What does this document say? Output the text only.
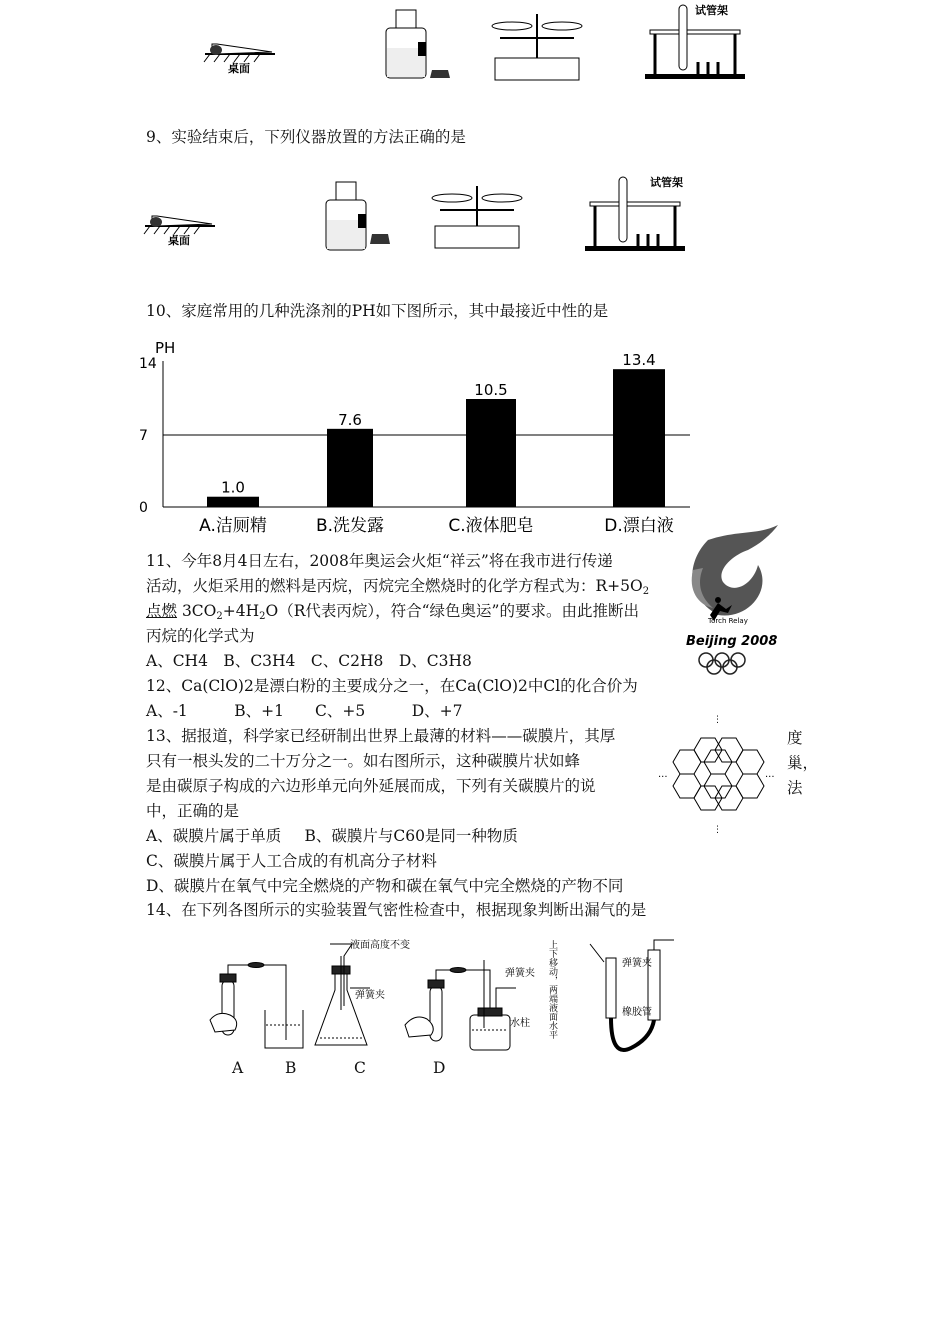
桌面
试管架
9、实验结束后，下列仪器放置的方法正确的是
桌面
试管架
10、家庭常用的几种洗涤剂的PH如下图所示，其中最接近中性的是
PH
0
7
14
1.0
A.洁厕精
7.6
B.洗发露
10.5
C.液体肥皂
13.4
D.漂白液
11、今年8月4日左右，2008年奥运会火炬“祥云”将在我市进行传递
活动，火炬采用的燃料是丙烷，丙烷完全燃烧时的化学方程式为：$R+5O_2$
点燃 $3CO_2+4H_2O(R$代表丙烷），符合“绿色奥运”的要求。由此推断出
丙烷的化学式为
A、CH4　B、C3H4　C、C2H8　D、C3H8
Torch Relay
Beijing 2008
12、Ca(ClO)2是漂白粉的主要成分之一，在Ca(ClO)2中Cl的化合价为
A、-1　　　B、+1　　C、+5　　　D、+7
13、据报道，科学家已经研制出世界上最薄的材料——碳膜片，其厚	度
只有一根头发的二十万分之一。如右图所示，这种碳膜片状如蜂	巢，
是由碳原子构成的六边形单元向外延展而成，下列有关碳膜片的说	法
中，正确的是
A、碳膜片属于单质   B、碳膜片与C60是同一种物质
C、碳膜片属于人工合成的有机高分子材料
D、碳膜片在氧气中完全燃烧的产物和碳在氧气中完全燃烧的产物不同
⋮
⋮
···	···
14、在下列各图所示的实验装置气密性检查中，根据现象判断出漏气的是
液面高度不变
弹簧夹
弹簧夹
水柱 上下移动，两端液面水平	弹簧夹
橡胶管
A	B	C	D
